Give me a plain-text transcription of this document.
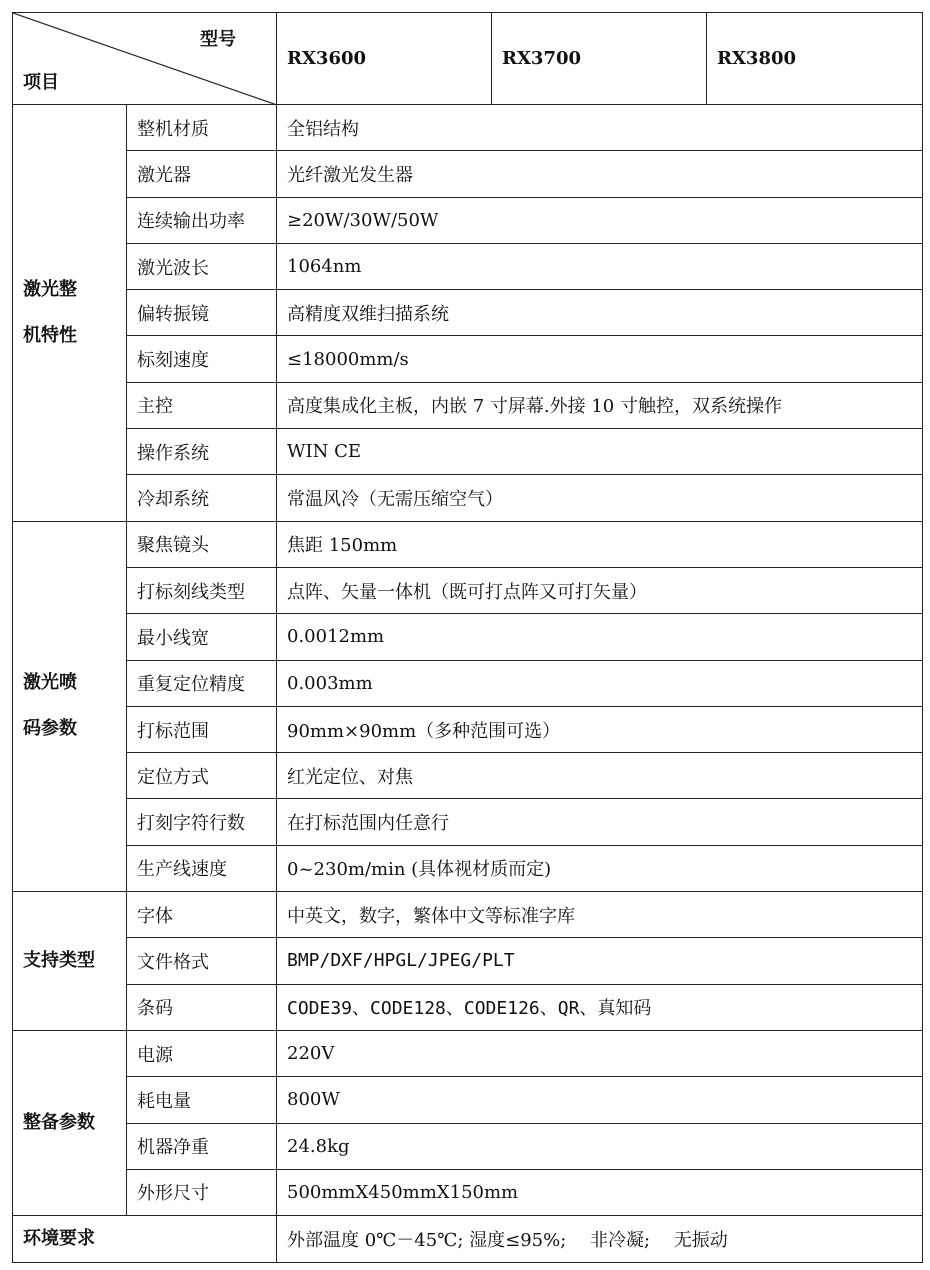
型号
项目		RX3600	RX3700	RX3800

激光整
机特性	整机材质	全铝结构		
	激光器	光纤激光发生器		
	连续输出功率	≥20W/30W/50W		
	激光波长	1064nm		
	偏转振镜	高精度双维扫描系统		
	标刻速度	≤18000mm/s		
	主控	高度集成化主板，内嵌 7 寸屏幕.外接 10 寸触控，双系统操作		
	操作系统	WIN CE		
	冷却系统	常温风冷（无需压缩空气）		

激光喷
码参数	聚焦镜头	焦距 150mm		
	打标刻线类型	点阵、矢量一体机（既可打点阵又可打矢量）		
	最小线宽	0.0012mm		
	重复定位精度	0.003mm		
	打标范围	90mm×90mm（多种范围可选）		
	定位方式	红光定位、对焦		
	打刻字符行数	在打标范围内任意行		
	生产线速度	0~230m/min (具体视材质而定)		

支持类型	字体	中英文，数字，繁体中文等标准字库		
	文件格式	BMP/DXF/HPGL/JPEG/PLT		
	条码	CODE39、CODE128、CODE126、QR、真知码		

整备参数	电源	220V		
	耗电量	800W		
	机器净重	24.8kg		
	外形尺寸	500mmX450mmX150mm		
环境要求		外部温度 0℃－45℃; 湿度≤95%;　 非冷凝;　 无振动		
